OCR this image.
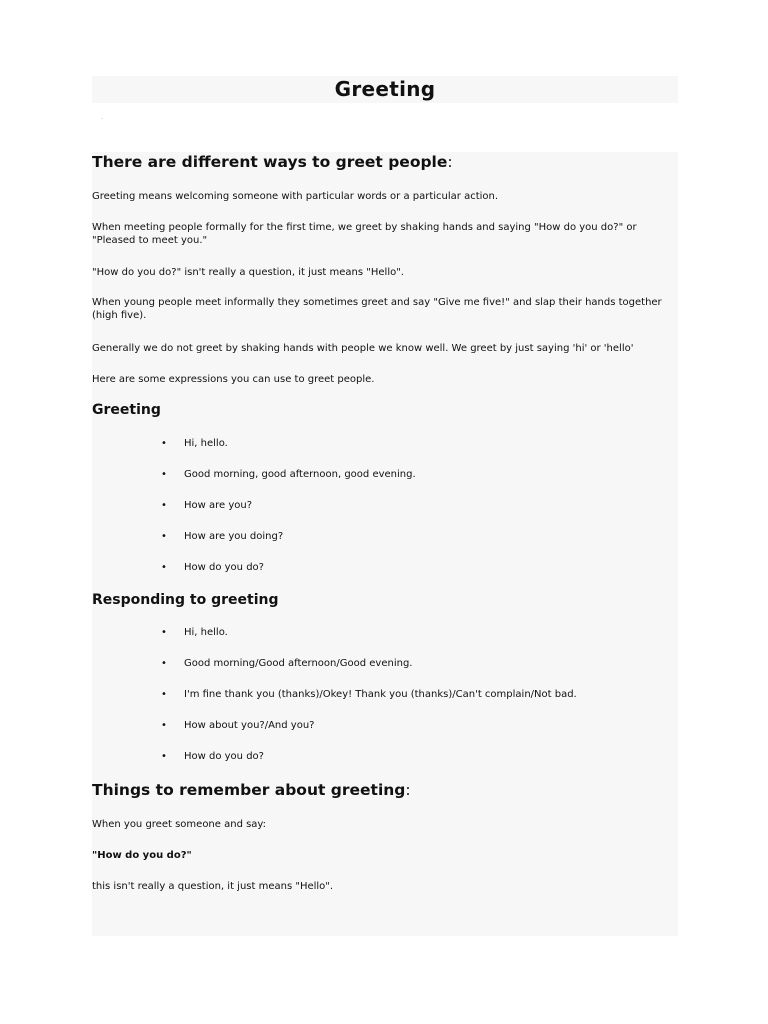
Greeting
·
There are different ways to greet people:
Greeting means welcoming someone with particular words or a particular action.
When meeting people formally for the first time, we greet by shaking hands and saying "How do you do?" or "Pleased to meet you."
"How do you do?" isn't really a question, it just means "Hello".
When young people meet informally they sometimes greet and say "Give me five!" and slap their hands together (high five).
Generally we do not greet by shaking hands with people we know well. We greet by just saying 'hi' or 'hello'
Here are some expressions you can use to greet people.
Greeting
• Hi, hello.
• Good morning, good afternoon, good evening.
• How are you?
• How are you doing?
• How do you do?
Responding to greeting
• Hi, hello.
• Good morning/Good afternoon/Good evening.
• I'm fine thank you (thanks)/Okey! Thank you (thanks)/Can't complain/Not bad.
• How about you?/And you?
• How do you do?
Things to remember about greeting:
When you greet someone and say:
"How do you do?"
this isn't really a question, it just means "Hello".
